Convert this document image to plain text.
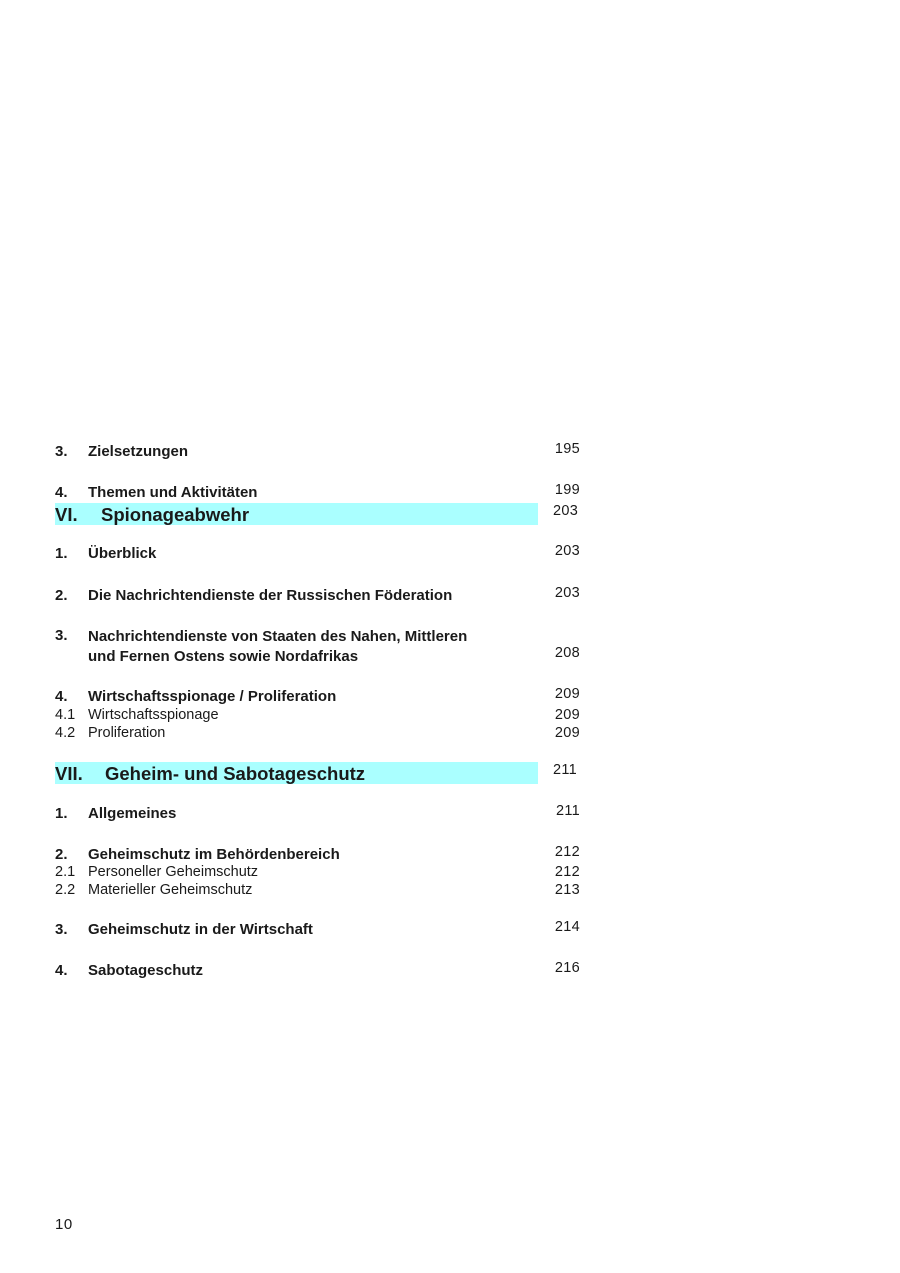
3. Zielsetzungen	195
4. Themen und Aktivitäten	199
VI. Spionageabwehr	203
1. Überblick	203
2. Die Nachrichtendienste der Russischen Föderation	203
3. Nachrichtendienste von Staaten des Nahen, Mittleren
und Fernen Ostens sowie Nordafrikas	208
4. Wirtschaftsspionage / Proliferation	209
4.1 Wirtschaftsspionage	209
4.2 Proliferation	209
VII. Geheim- und Sabotageschutz	211
1. Allgemeines	211
2. Geheimschutz im Behördenbereich	212
2.1 Personeller Geheimschutz	212
2.2 Materieller Geheimschutz	213
3. Geheimschutz in der Wirtschaft	214
4. Sabotageschutz	216
10
